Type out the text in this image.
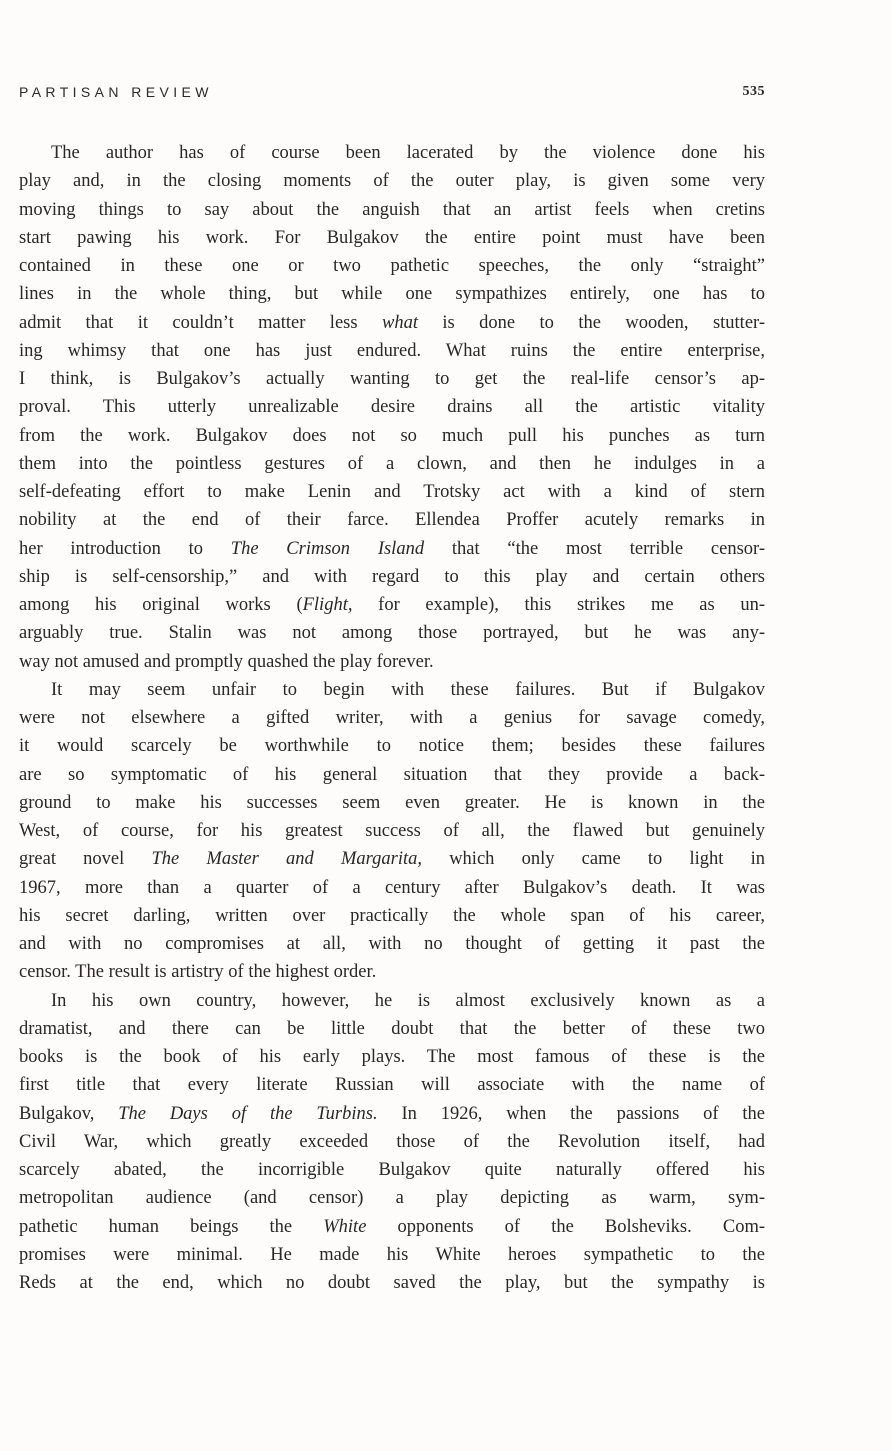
PARTISAN REVIEW	535
The author has of course been lacerated by the violence done his
play and, in the closing moments of the outer play, is given some very
moving things to say about the anguish that an artist feels when cretins
start pawing his work. For Bulgakov the entire point must have been
contained in these one or two pathetic speeches, the only “straight”
lines in the whole thing, but while one sympathizes entirely, one has to
admit that it couldn’t matter less what is done to the wooden, stutter-
ing whimsy that one has just endured. What ruins the entire enterprise,
I think, is Bulgakov’s actually wanting to get the real-life censor’s ap-
proval. This utterly unrealizable desire drains all the artistic vitality
from the work. Bulgakov does not so much pull his punches as turn
them into the pointless gestures of a clown, and then he indulges in a
self-defeating effort to make Lenin and Trotsky act with a kind of stern
nobility at the end of their farce. Ellendea Proffer acutely remarks in
her introduction to The Crimson Island that “the most terrible censor-
ship is self-censorship,” and with regard to this play and certain others
among his original works (Flight, for example), this strikes me as un-
arguably true. Stalin was not among those portrayed, but he was any-
way not amused and promptly quashed the play forever.
It may seem unfair to begin with these failures. But if Bulgakov
were not elsewhere a gifted writer, with a genius for savage comedy,
it would scarcely be worthwhile to notice them; besides these failures
are so symptomatic of his general situation that they provide a back-
ground to make his successes seem even greater. He is known in the
West, of course, for his greatest success of all, the flawed but genuinely
great novel The Master and Margarita, which only came to light in
1967, more than a quarter of a century after Bulgakov’s death. It was
his secret darling, written over practically the whole span of his career,
and with no compromises at all, with no thought of getting it past the
censor. The result is artistry of the highest order.
In his own country, however, he is almost exclusively known as a
dramatist, and there can be little doubt that the better of these two
books is the book of his early plays. The most famous of these is the
first title that every literate Russian will associate with the name of
Bulgakov, The Days of the Turbins. In 1926, when the passions of the
Civil War, which greatly exceeded those of the Revolution itself, had
scarcely abated, the incorrigible Bulgakov quite naturally offered his
metropolitan audience (and censor) a play depicting as warm, sym-
pathetic human beings the White opponents of the Bolsheviks. Com-
promises were minimal. He made his White heroes sympathetic to the
Reds at the end, which no doubt saved the play, but the sympathy is
